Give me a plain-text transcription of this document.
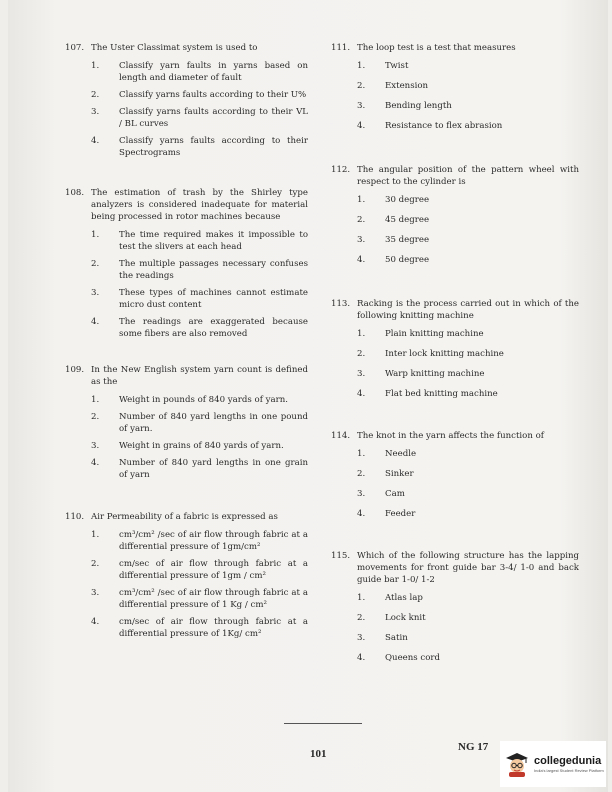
107. The Uster Classimat system is used to
1.	Classify yarn faults in yarns based on length and diameter of fault
2.	Classify yarns faults according to their U%
3.	Classify yarns faults according to their VL / BL curves
4.	Classify yarns faults according to their Spectrograms
108. The estimation of trash by the Shirley type analyzers is considered inadequate for material being processed in rotor machines because
1.	The time required makes it impossible to test the slivers at each head
2.	The multiple passages necessary confuses the readings
3.	These types of machines cannot estimate micro dust content
4.	The readings are exaggerated because some fibers are also removed
109. In the New English system yarn count is defined as the
1.	Weight in pounds of 840 yards of yarn.
2.	Number of 840 yard lengths in one pound of yarn.
3.	Weight in grains of 840 yards of yarn.
4.	Number of 840 yard lengths in one grain of yarn
110. Air Permeability of a fabric is expressed as
1.	cm³/cm² /sec of air flow through fabric at a differential pressure of 1gm/cm²
2.	cm/sec of air flow through fabric at a differential pressure of 1gm / cm²
3.	cm³/cm² /sec of air flow through fabric at a differential pressure of 1 Kg / cm²
4.	cm/sec of air flow through fabric at a differential pressure of 1Kg/ cm²
111. The loop test is a test that measures
1.	Twist
2.	Extension
3.	Bending length
4.	Resistance to flex abrasion
112. The angular position of the pattern wheel with respect to the cylinder is
1.	30 degree
2.	45 degree
3.	35 degree
4.	50 degree
113. Racking is the process carried out in which of the following knitting machine
1.	Plain knitting machine
2.	Inter lock knitting machine
3.	Warp knitting machine
4.	Flat bed knitting machine
114. The knot in the yarn affects the function of
1.	Needle
2.	Sinker
3.	Cam
4.	Feeder
115. Which of the following structure has the lapping movements for front guide bar 3-4/ 1-0 and back guide bar 1-0/ 1-2
1.	Atlas lap
2.	Lock knit
3.	Satin
4.	Queens cord
101
NG 17
collegedunia
India's largest Student Review Platform
